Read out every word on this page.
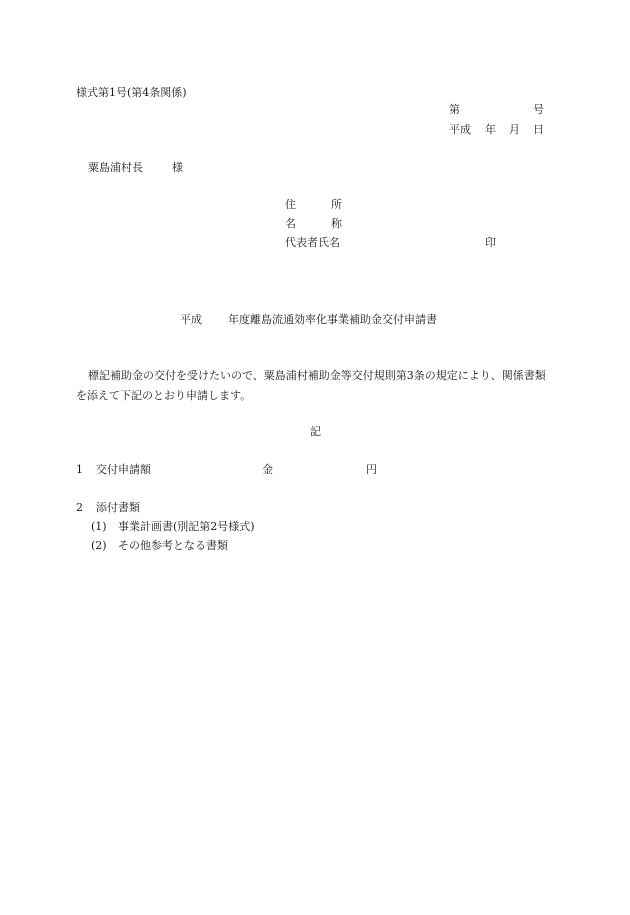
様式第1号(第4条関係)
第	号
平成 年 月 日
粟島浦村長	様
住	所
名	称
代表者氏名	印
平成 年度離島流通効率化事業補助金交付申請書
標記補助金の交付を受けたいので、粟島浦村補助金等交付規則第3条の規定により、関係書類を添えて下記のとおり申請します。
記
1 交付申請額	金	円
2 添付書類
(1) 事業計画書(別記第2号様式)
(2) その他参考となる書類
